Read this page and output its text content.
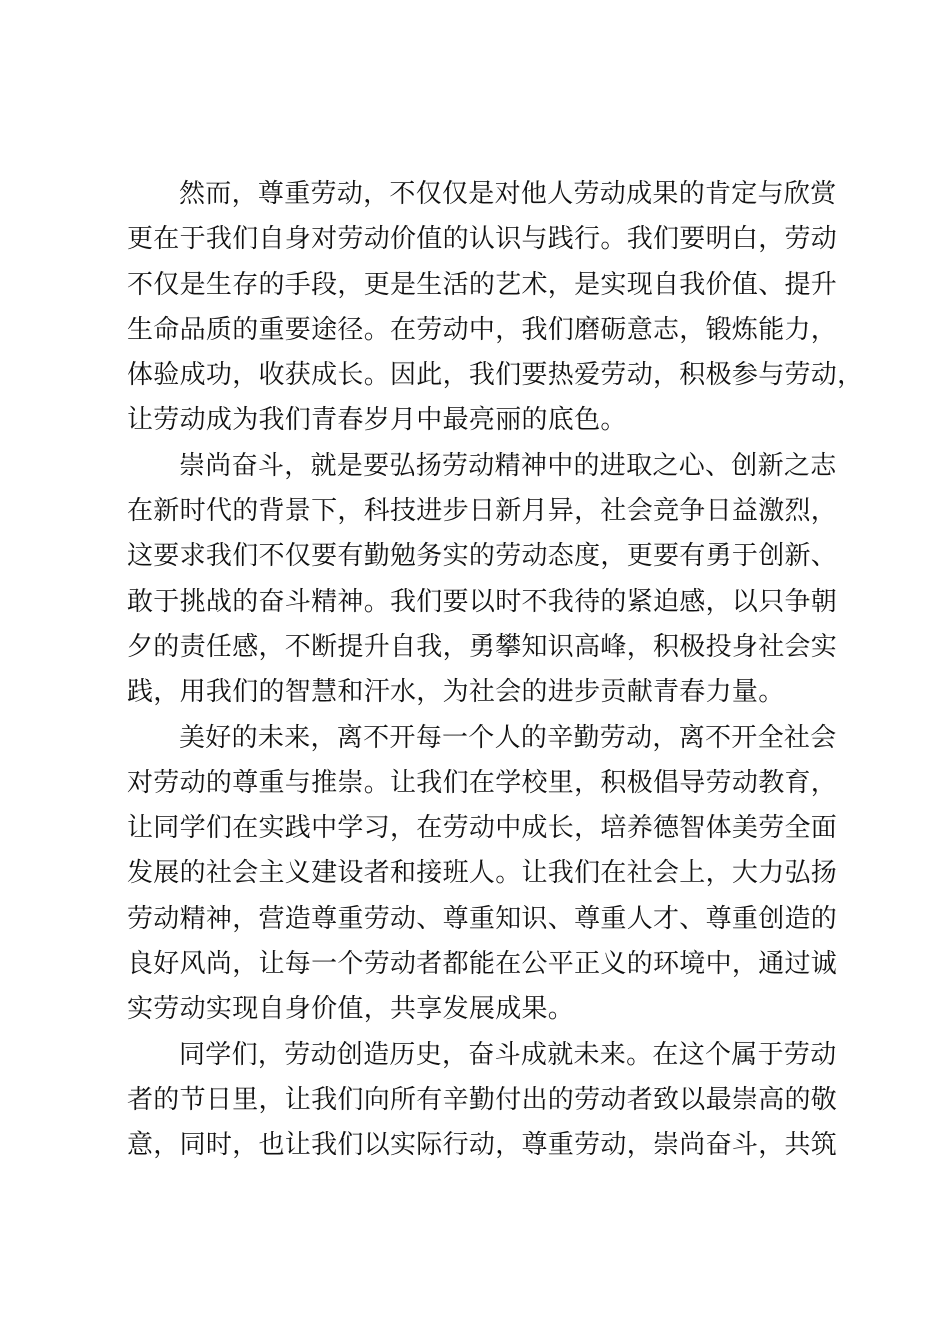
然而，尊重劳动，不仅仅是对他人劳动成果的肯定与欣赏
更在于我们自身对劳动价值的认识与践行。我们要明白，劳动
不仅是生存的手段，更是生活的艺术，是实现自我价值、提升
生命品质的重要途径。在劳动中，我们磨砺意志，锻炼能力，
体验成功，收获成长。因此，我们要热爱劳动，积极参与劳动，
让劳动成为我们青春岁月中最亮丽的底色。
崇尚奋斗，就是要弘扬劳动精神中的进取之心、创新之志
在新时代的背景下，科技进步日新月异，社会竞争日益激烈，
这要求我们不仅要有勤勉务实的劳动态度，更要有勇于创新、
敢于挑战的奋斗精神。我们要以时不我待的紧迫感，以只争朝
夕的责任感，不断提升自我，勇攀知识高峰，积极投身社会实
践，用我们的智慧和汗水，为社会的进步贡献青春力量。
美好的未来，离不开每一个人的辛勤劳动，离不开全社会
对劳动的尊重与推崇。让我们在学校里，积极倡导劳动教育，
让同学们在实践中学习，在劳动中成长，培养德智体美劳全面
发展的社会主义建设者和接班人。让我们在社会上，大力弘扬
劳动精神，营造尊重劳动、尊重知识、尊重人才、尊重创造的
良好风尚，让每一个劳动者都能在公平正义的环境中，通过诚
实劳动实现自身价值，共享发展成果。
同学们，劳动创造历史，奋斗成就未来。在这个属于劳动
者的节日里，让我们向所有辛勤付出的劳动者致以最崇高的敬
意，同时，也让我们以实际行动，尊重劳动，崇尚奋斗，共筑
